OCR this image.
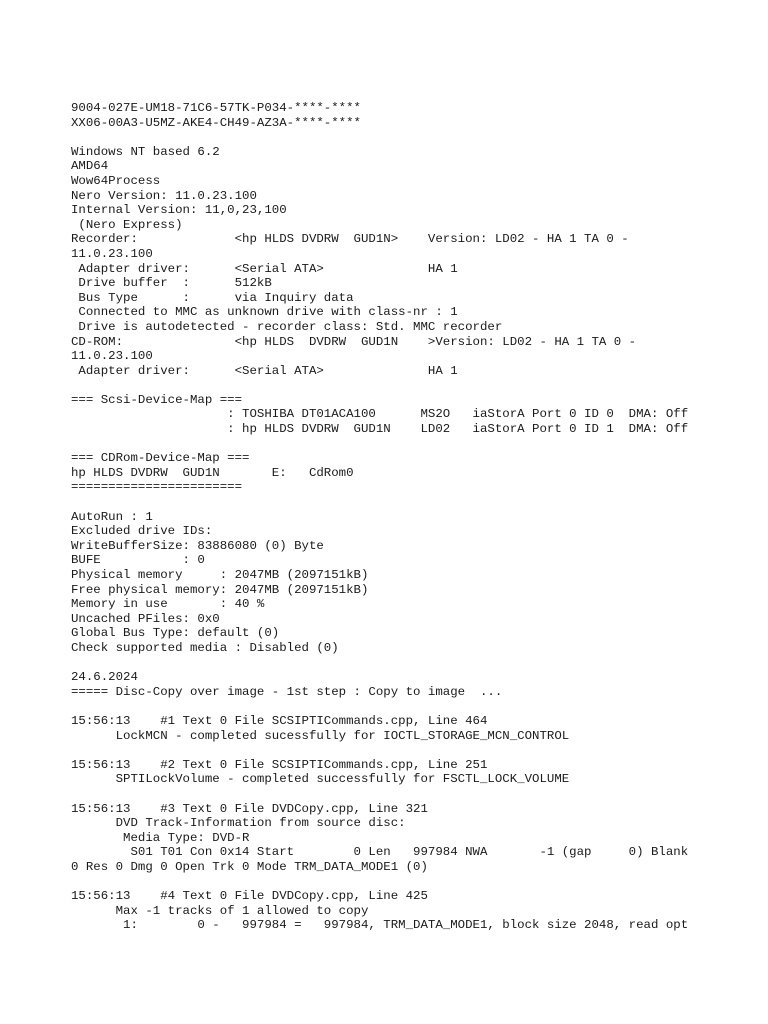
9004-027E-UM18-71C6-57TK-P034-****-****
XX06-00A3-U5MZ-AKE4-CH49-AZ3A-****-****
Windows NT based 6.2
AMD64
Wow64Process
Nero Version: 11.0.23.100
Internal Version: 11,0,23,100
(Nero Express)
Recorder:             <hp HLDS DVDRW  GUD1N>    Version: LD02 - HA 1 TA 0 -
11.0.23.100
Adapter driver:      <Serial ATA>              HA 1
Drive buffer  :      512kB
Bus Type      :      via Inquiry data
Connected to MMC as unknown drive with class-nr : 1
Drive is autodetected - recorder class: Std. MMC recorder
CD-ROM:               <hp HLDS  DVDRW  GUD1N    >Version: LD02 - HA 1 TA 0 -
11.0.23.100
Adapter driver:      <Serial ATA>              HA 1
=== Scsi-Device-Map ===
: TOSHIBA DT01ACA100      MS2O   iaStorA Port 0 ID 0  DMA: Off
: hp HLDS DVDRW  GUD1N    LD02   iaStorA Port 0 ID 1  DMA: Off
=== CDRom-Device-Map ===
hp HLDS DVDRW  GUD1N       E:   CdRom0
=======================
AutoRun : 1
Excluded drive IDs:
WriteBufferSize: 83886080 (0) Byte
BUFE           : 0
Physical memory     : 2047MB (2097151kB)
Free physical memory: 2047MB (2097151kB)
Memory in use       : 40 %
Uncached PFiles: 0x0
Global Bus Type: default (0)
Check supported media : Disabled (0)
24.6.2024
===== Disc-Copy over image - 1st step : Copy to image  ...
15:56:13    #1 Text 0 File SCSIPTICommands.cpp, Line 464
LockMCN - completed sucessfully for IOCTL_STORAGE_MCN_CONTROL
15:56:13    #2 Text 0 File SCSIPTICommands.cpp, Line 251
SPTILockVolume - completed successfully for FSCTL_LOCK_VOLUME
15:56:13    #3 Text 0 File DVDCopy.cpp, Line 321
DVD Track-Information from source disc:
Media Type: DVD-R
S01 T01 Con 0x14 Start        0 Len   997984 NWA       -1 (gap     0) Blank
0 Res 0 Dmg 0 Open Trk 0 Mode TRM_DATA_MODE1 (0)
15:56:13    #4 Text 0 File DVDCopy.cpp, Line 425
Max -1 tracks of 1 allowed to copy
1:        0 -   997984 =   997984, TRM_DATA_MODE1, block size 2048, read opt
